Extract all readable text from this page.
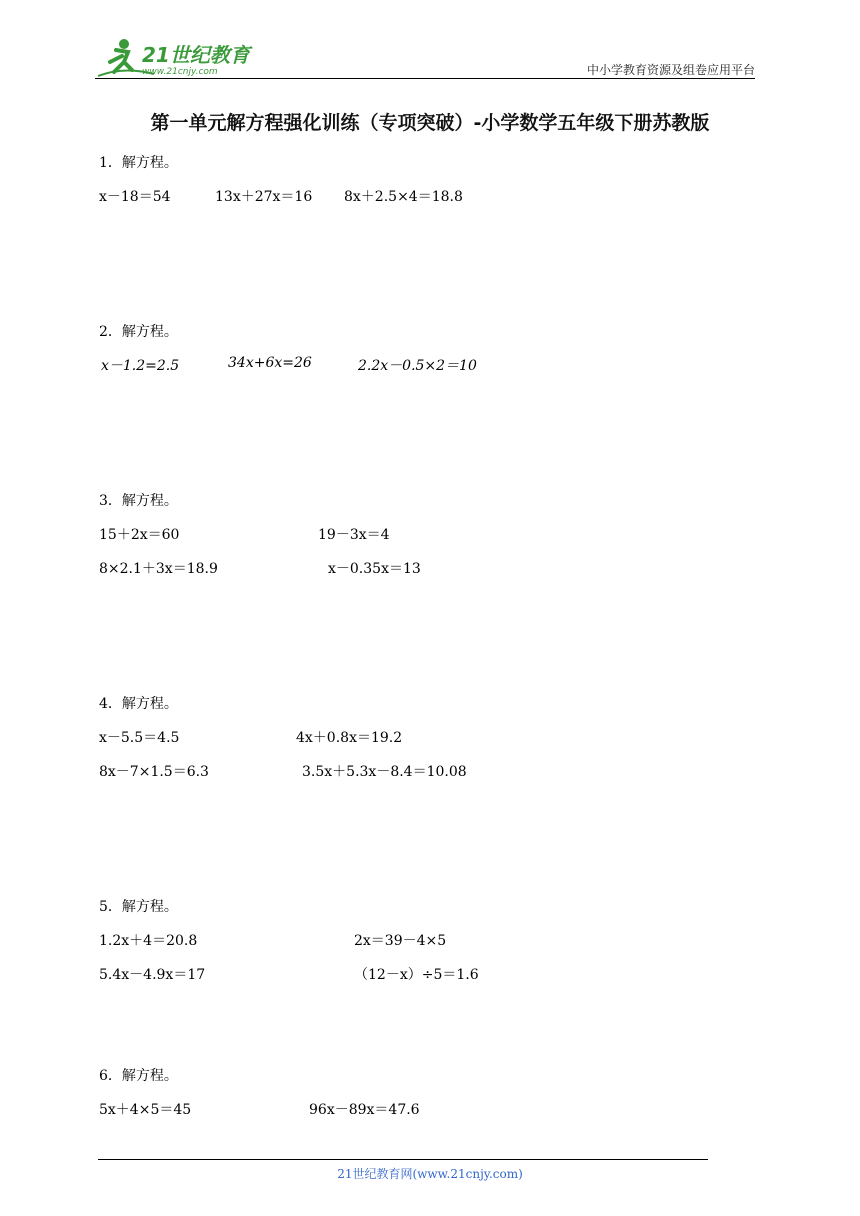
21世纪教育
www.21cnjy.com	中小学教育资源及组卷应用平台
第一单元解方程强化训练（专项突破）-小学数学五年级下册苏教版
1．解方程。
x－18＝54	13x＋27x＝16 8x＋2.5×4＝18.8
2．解方程。
x－1.2=2.5	34x+6x=26	2.2x－0.5×2＝10
3．解方程。
15＋2x＝60	19－3x＝4
8×2.1＋3x＝18.9	x－0.35x＝13
4．解方程。
x－5.5＝4.5	4x＋0.8x＝19.2
8x－7×1.5＝6.3	3.5x＋5.3x－8.4＝10.08
5．解方程。
1.2x＋4＝20.8	2x＝39－4×5
5.4x－4.9x＝17	（12－x）÷5＝1.6
6．解方程。
5x＋4×5＝45	96x－89x＝47.6
21世纪教育网(www.21cnjy.com)
